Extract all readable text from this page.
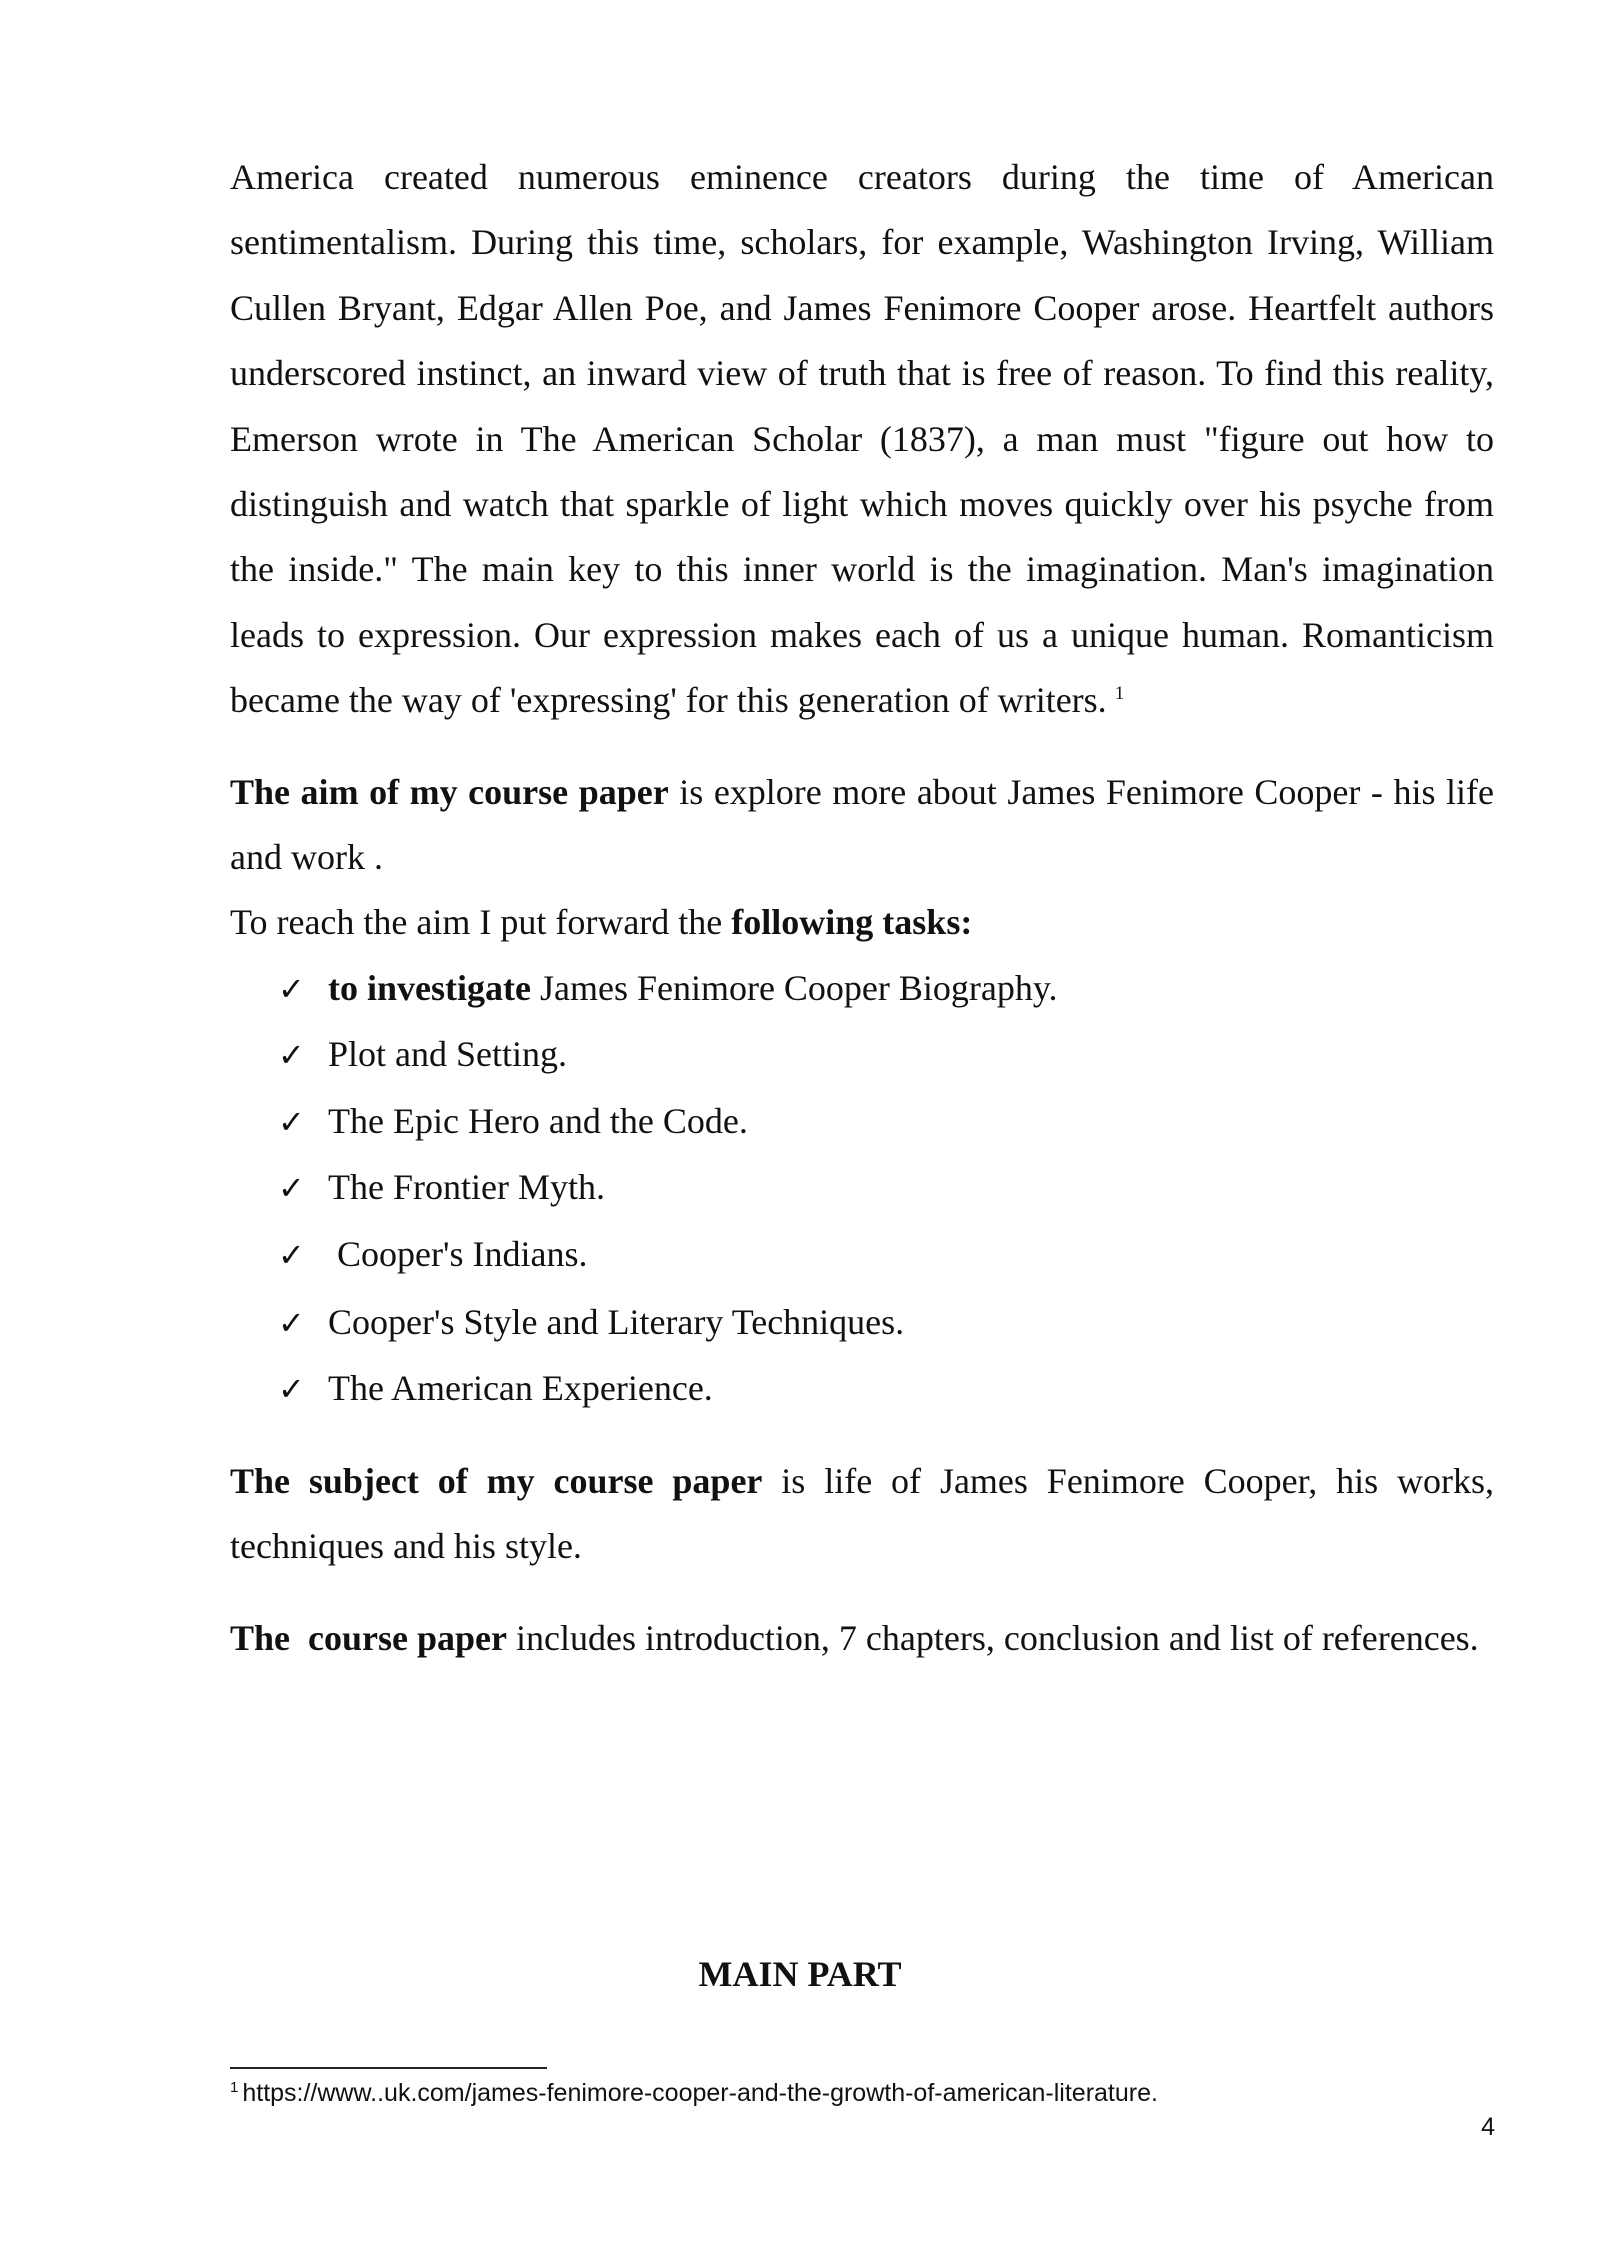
America created numerous eminence creators during the time of American sentimentalism. During this time, scholars, for example, Washington Irving, William Cullen Bryant, Edgar Allen Poe, and James Fenimore Cooper arose. Heartfelt authors underscored instinct, an inward view of truth that is free of reason. To find this reality, Emerson wrote in The American Scholar (1837), a man must "figure out how to distinguish and watch that sparkle of light which moves quickly over his psyche from the inside." The main key to this inner world is the imagination. Man's imagination leads to expression. Our expression makes each of us a unique human. Romanticism became the way of 'expressing' for this generation of writers. $^1$

The aim of my course paper is explore more about James Fenimore Cooper - his life and work .

To reach the aim I put forward the following tasks:

✓ to investigate James Fenimore Cooper Biography.
✓ Plot and Setting.
✓ The Epic Hero and the Code.
✓ The Frontier Myth.
✓ Cooper's Indians.
✓ Cooper's Style and Literary Techniques.
✓ The American Experience.

The subject of my course paper is life of James Fenimore Cooper, his works, techniques and his style.

The  course paper includes introduction, 7 chapters, conclusion and list of references.

MAIN PART
$^1$ https://www..uk.com/james-fenimore-cooper-and-the-growth-of-american-literature.
4
